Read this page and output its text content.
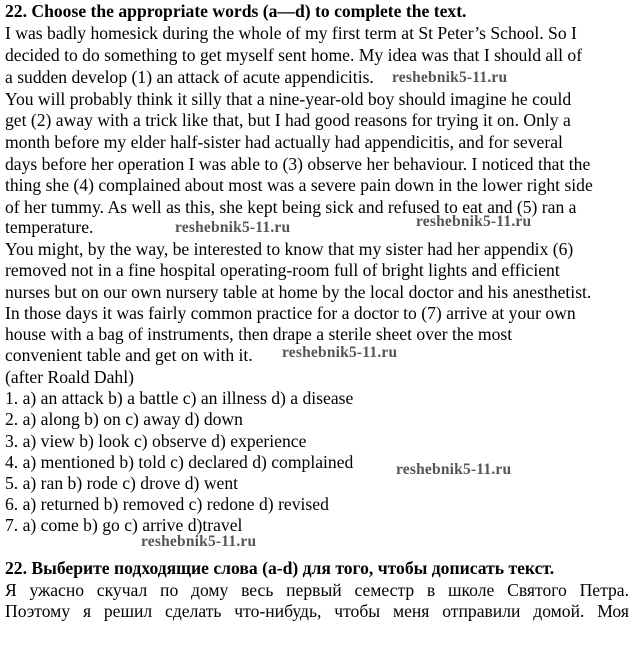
22. Choose the appropriate words (a—d) to complete the text.
I was badly homesick during the whole of my first term at St Peter’s School. So I
decided to do something to get myself sent home. My idea was that I should all of
a sudden develop (1) an attack of acute appendicitis.
You will probably think it silly that a nine-year-old boy should imagine he could
get (2) away with a trick like that, but I had good reasons for trying it on. Only a
month before my elder half-sister had actually had appendicitis, and for several
days before her operation I was able to (3) observe her behaviour. I noticed that the
thing she (4) complained about most was a severe pain down in the lower right side
of her tummy. As well as this, she kept being sick and refused to eat and (5) ran a
temperature.
You might, by the way, be interested to know that my sister had her appendix (6)
removed not in a fine hospital operating-room full of bright lights and efficient
nurses but on our own nursery table at home by the local doctor and his anesthetist.
In those days it was fairly common practice for a doctor to (7) arrive at your own
house with a bag of instruments, then drape a sterile sheet over the most
convenient table and get on with it.
(after Roald Dahl)
1. a) an attack b) a battle c) an illness d) a disease
2. a) along b) on c) away d) down
3. a) view b) look c) observe d) experience
4. a) mentioned b) told c) declared d) complained
5. a) ran b) rode c) drove d) went
6. a) returned b) removed c) redone d) revised
7. a) come b) go c) arrive d)travel
22. Выберите подходящие слова (a-d) для того, чтобы дописать текст.
Я ужасно скучал по дому весь первый семестр в школе Святого Петра.
Поэтому я решил сделать что-нибудь, чтобы меня отправили домой. Моя
reshebnik5-11.ru
reshebnik5-11.ru	reshebnik5-11.ru
reshebnik5-11.ru
reshebnik5-11.ru
reshebnik5-11.ru
